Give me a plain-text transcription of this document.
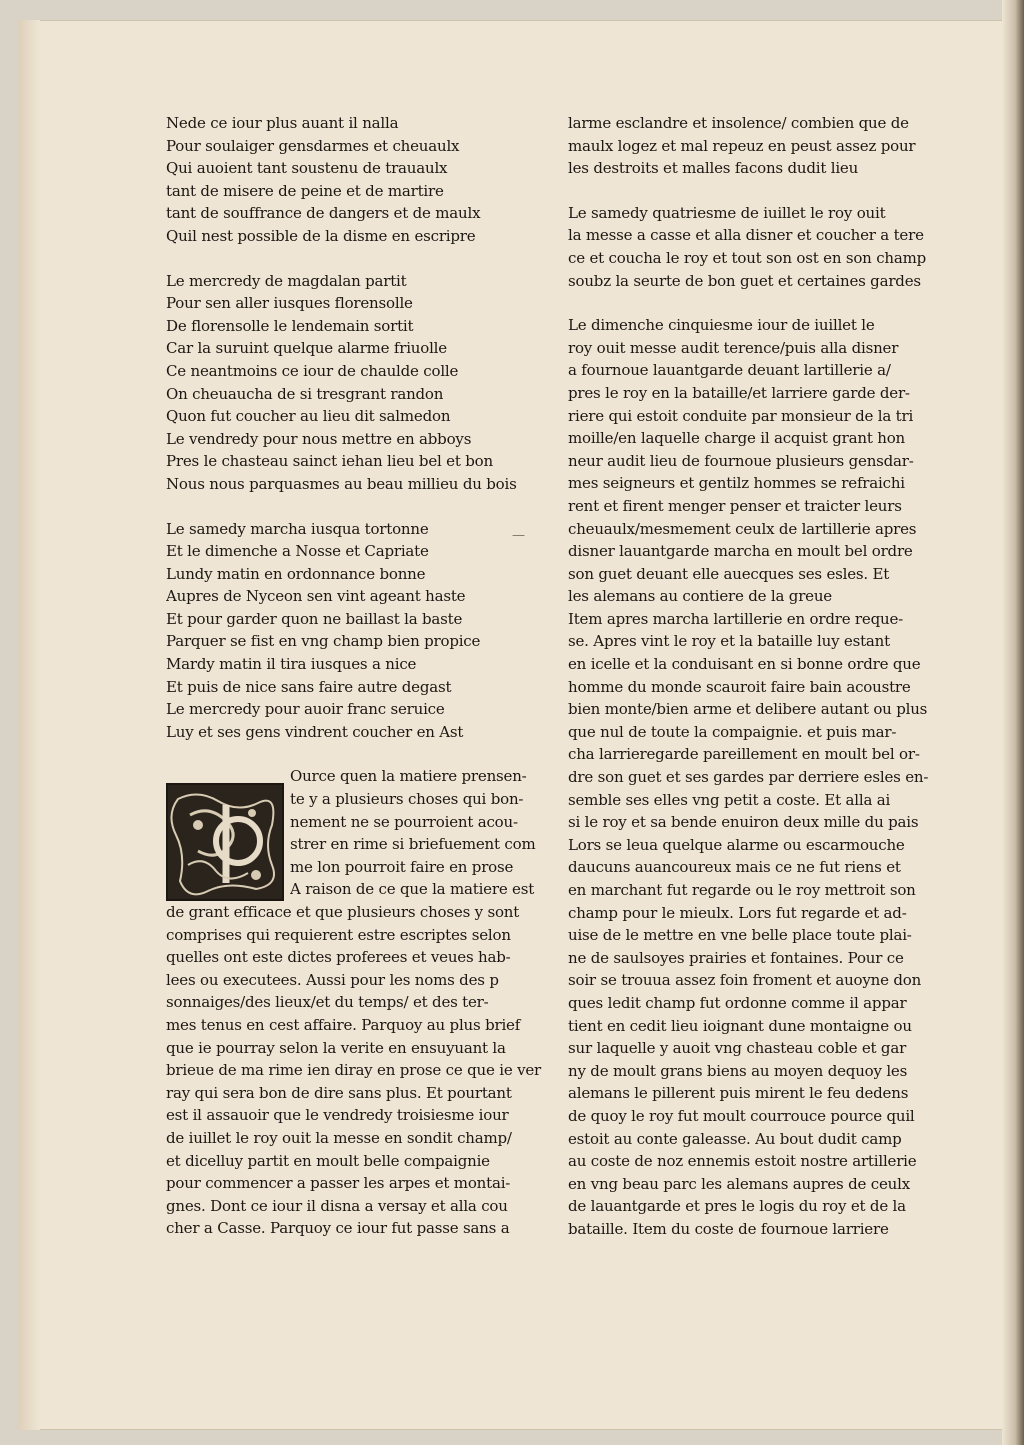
Nede ce iour plus auant il nalla
Pour soulaiger gensdarmes et cheuaulx
Qui auoient tant soustenu de trauaulx
tant de misere de peine et de martire
tant de souffrance de dangers et de maulx
Quil nest possible de la disme en escripre
Le mercredy de magdalan partit
Pour sen aller iusques florensolle
De florensolle le lendemain sortit
Car la suruint quelque alarme friuolle
Ce neantmoins ce iour de chaulde colle
On cheuaucha de si tresgrant randon
Quon fut coucher au lieu dit salmedon
Le vendredy pour nous mettre en abboys
Pres le chasteau sainct iehan lieu bel et bon
Nous nous parquasmes au beau millieu du bois
Le samedy marcha iusqua tortonne
Et le dimenche a Nosse et Capriate
Lundy matin en ordonnance bonne
Aupres de Nyceon sen vint ageant haste
Et pour garder quon ne baillast la baste
Parquer se fist en vng champ bien propice
Mardy matin il tira iusques a nice
Et puis de nice sans faire autre degast
Le mercredy pour auoir franc seruice
Luy et ses gens vindrent coucher en Ast
Ource quen la matiere prensen-
te y a plusieurs choses qui bon-
nement ne se pourroient acou-
strer en rime si briefuement com
me lon pourroit faire en prose
A raison de ce que la matiere est
de grant efficace et que plusieurs choses y sont
comprises qui requierent estre escriptes selon
quelles ont este dictes proferees et veues hab-
lees ou executees. Aussi pour les noms des p
sonnaiges/des lieux/et du temps/ et des ter-
mes tenus en cest affaire. Parquoy au plus brief
que ie pourray selon la verite en ensuyuant la
brieue de ma rime ien diray en prose ce que ie ver
ray qui sera bon de dire sans plus. Et pourtant
est il assauoir que le vendredy troisiesme iour
de iuillet le roy ouit la messe en sondit champ/
et dicelluy partit en moult belle compaignie
pour commencer a passer les arpes et montai-
gnes. Dont ce iour il disna a versay et alla cou
cher a Casse. Parquoy ce iour fut passe sans a
—
larme esclandre et insolence/ combien que de
maulx logez et mal repeuz en peust assez pour
les destroits et malles facons dudit lieu
Le samedy quatriesme de iuillet le roy ouit
la messe a casse et alla disner et coucher a tere
ce et coucha le roy et tout son ost en son champ
soubz la seurte de bon guet et certaines gardes
Le dimenche cinquiesme iour de iuillet le
roy ouit messe audit terence/puis alla disner
a fournoue lauantgarde deuant lartillerie a/
pres le roy en la bataille/et larriere garde der-
riere qui estoit conduite par monsieur de la tri
moille/en laquelle charge il acquist grant hon
neur audit lieu de fournoue plusieurs gensdar-
mes seigneurs et gentilz hommes se refraichi
rent et firent menger penser et traicter leurs
cheuaulx/mesmement ceulx de lartillerie apres
disner lauantgarde marcha en moult bel ordre
son guet deuant elle auecques ses esles. Et
les alemans au contiere de la greue
Item apres marcha lartillerie en ordre reque-
se. Apres vint le roy et la bataille luy estant
en icelle et la conduisant en si bonne ordre que
homme du monde scauroit faire bain acoustre
bien monte/bien arme et delibere autant ou plus
que nul de toute la compaignie. et puis mar-
cha larrieregarde pareillement en moult bel or-
dre son guet et ses gardes par derriere esles en-
semble ses elles vng petit a coste. Et alla ai
si le roy et sa bende enuiron deux mille du pais
Lors se leua quelque alarme ou escarmouche
daucuns auancoureux mais ce ne fut riens et
en marchant fut regarde ou le roy mettroit son
champ pour le mieulx. Lors fut regarde et ad-
uise de le mettre en vne belle place toute plai-
ne de saulsoyes prairies et fontaines. Pour ce
soir se trouua assez foin froment et auoyne don
ques ledit champ fut ordonne comme il appar
tient en cedit lieu ioignant dune montaigne ou
sur laquelle y auoit vng chasteau coble et gar
ny de moult grans biens au moyen dequoy les
alemans le pillerent puis mirent le feu dedens
de quoy le roy fut moult courrouce pource quil
estoit au conte galeasse. Au bout dudit camp
au coste de noz ennemis estoit nostre artillerie
en vng beau parc les alemans aupres de ceulx
de lauantgarde et pres le logis du roy et de la
bataille. Item du coste de fournoue larriere
